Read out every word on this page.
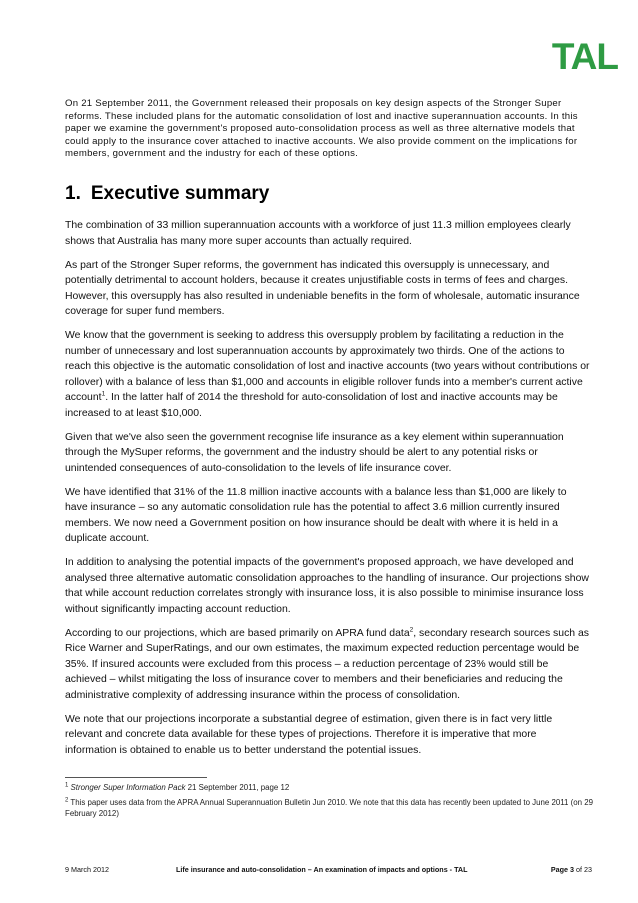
TAL
On 21 September 2011, the Government released their proposals on key design aspects of the Stronger Super reforms. These included plans for the automatic consolidation of lost and inactive superannuation accounts. In this paper we examine the government's proposed auto-consolidation process as well as three alternative models that could apply to the insurance cover attached to inactive accounts. We also provide comment on the implications for members, government and the industry for each of these options.
1. Executive summary

The combination of 33 million superannuation accounts with a workforce of just 11.3 million employees clearly shows that Australia has many more super accounts than actually required.

As part of the Stronger Super reforms, the government has indicated this oversupply is unnecessary, and potentially detrimental to account holders, because it creates unjustifiable costs in terms of fees and charges. However, this oversupply has also resulted in undeniable benefits in the form of wholesale, automatic insurance coverage for super fund members.

We know that the government is seeking to address this oversupply problem by facilitating a reduction in the number of unnecessary and lost superannuation accounts by approximately two thirds. One of the actions to reach this objective is the automatic consolidation of lost and inactive accounts (two years without contributions or rollover) with a balance of less than $1,000 and accounts in eligible rollover funds into a member's current active account$^1$. In the latter half of 2014 the threshold for auto-consolidation of lost and inactive accounts may be increased to at least $10,000.

Given that we've also seen the government recognise life insurance as a key element within superannuation through the MySuper reforms, the government and the industry should be alert to any potential risks or unintended consequences of auto-consolidation to the levels of life insurance cover.

We have identified that 31% of the 11.8 million inactive accounts with a balance less than $1,000 are likely to have insurance – so any automatic consolidation rule has the potential to affect 3.6 million currently insured members. We now need a Government position on how insurance should be dealt with where it is held in a duplicate account.

In addition to analysing the potential impacts of the government's proposed approach, we have developed and analysed three alternative automatic consolidation approaches to the handling of insurance. Our projections show that while account reduction correlates strongly with insurance loss, it is also possible to minimise insurance loss without significantly impacting account reduction.

According to our projections, which are based primarily on APRA fund data$^2$, secondary research sources such as Rice Warner and SuperRatings, and our own estimates, the maximum expected reduction percentage would be 35%. If insured accounts were excluded from this process – a reduction percentage of 23% would still be achieved – whilst mitigating the loss of insurance cover to members and their beneficiaries and reducing the administrative complexity of addressing insurance within the process of consolidation.

We note that our projections incorporate a substantial degree of estimation, given there is in fact very little relevant and concrete data available for these types of projections. Therefore it is imperative that more information is obtained to enable us to better understand the potential issues.

$^1$ Stronger Super Information Pack 21 September 2011, page 12
$^2$ This paper uses data from the APRA Annual Superannuation Bulletin Jun 2010. We note that this data has recently been updated to June 2011 (on 29 February 2012)
9 March 2012	Life insurance and auto-consolidation – An examination of impacts and options - TAL	Page 3 of 23
